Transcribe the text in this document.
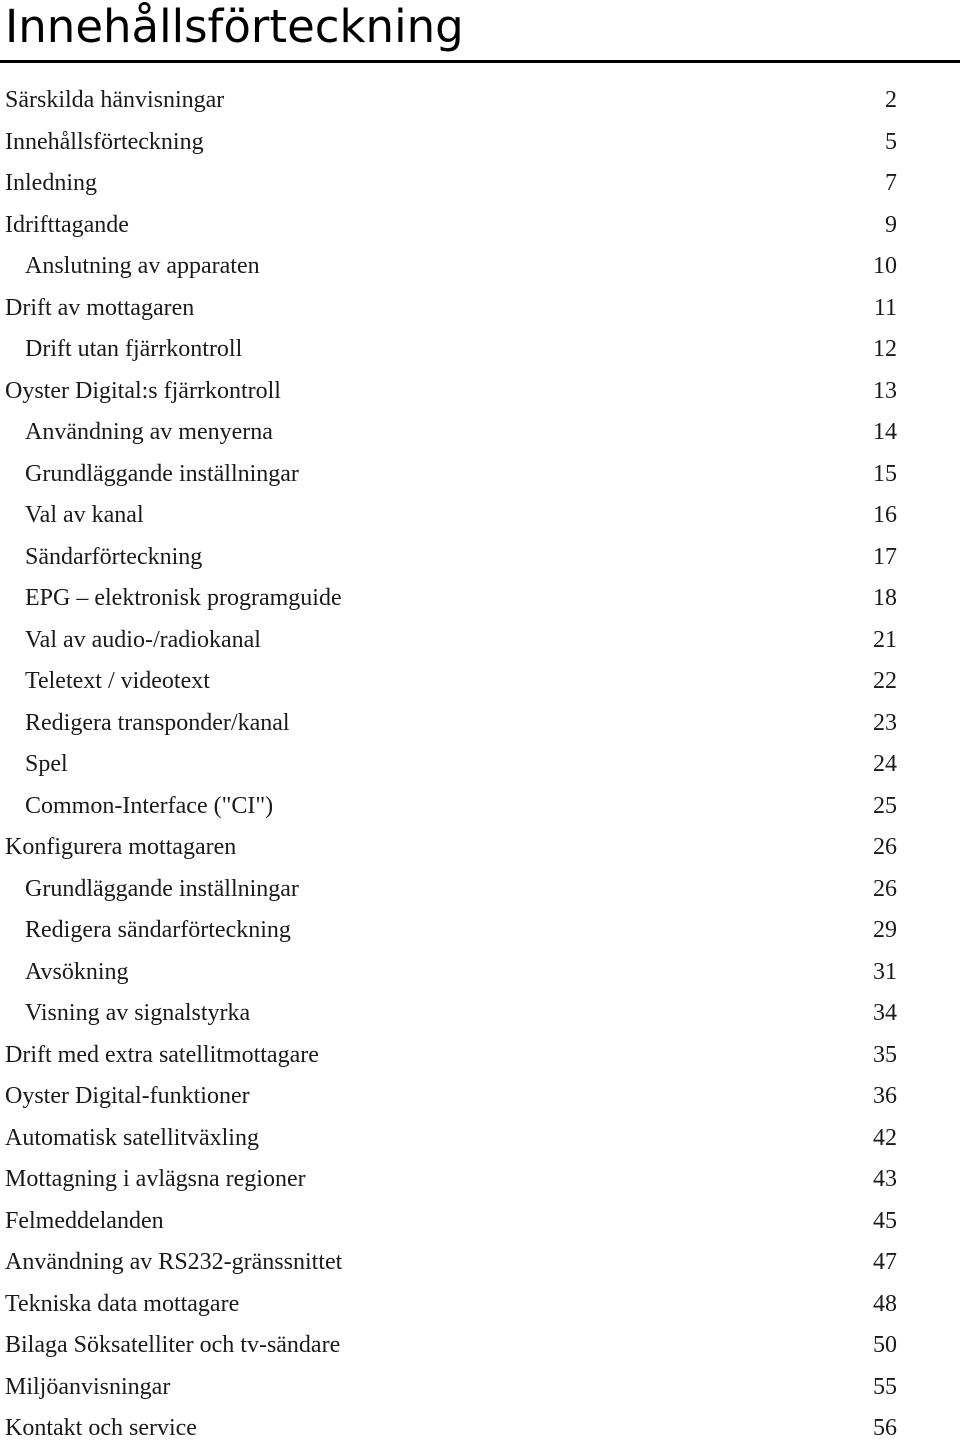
Innehållsförteckning
Särskilda hänvisningar	2
Innehållsförteckning	5
Inledning	7
Idrifttagande	9
Anslutning av apparaten	10
Drift av mottagaren	11
Drift utan fjärrkontroll	12
Oyster Digital:s fjärrkontroll	13
Användning av menyerna	14
Grundläggande inställningar	15
Val av kanal	16
Sändarförteckning	17
EPG – elektronisk programguide	18
Val av audio-/radiokanal	21
Teletext / videotext	22
Redigera transponder/kanal	23
Spel	24
Common-Interface ("CI")	25
Konfigurera mottagaren	26
Grundläggande inställningar	26
Redigera sändarförteckning	29
Avsökning	31
Visning av signalstyrka	34
Drift med extra satellitmottagare	35
Oyster Digital-funktioner	36
Automatisk satellitväxling	42
Mottagning i avlägsna regioner	43
Felmeddelanden	45
Användning av RS232-gränssnittet	47
Tekniska data mottagare	48
Bilaga Söksatelliter och tv-sändare	50
Miljöanvisningar	55
Kontakt och service	56
